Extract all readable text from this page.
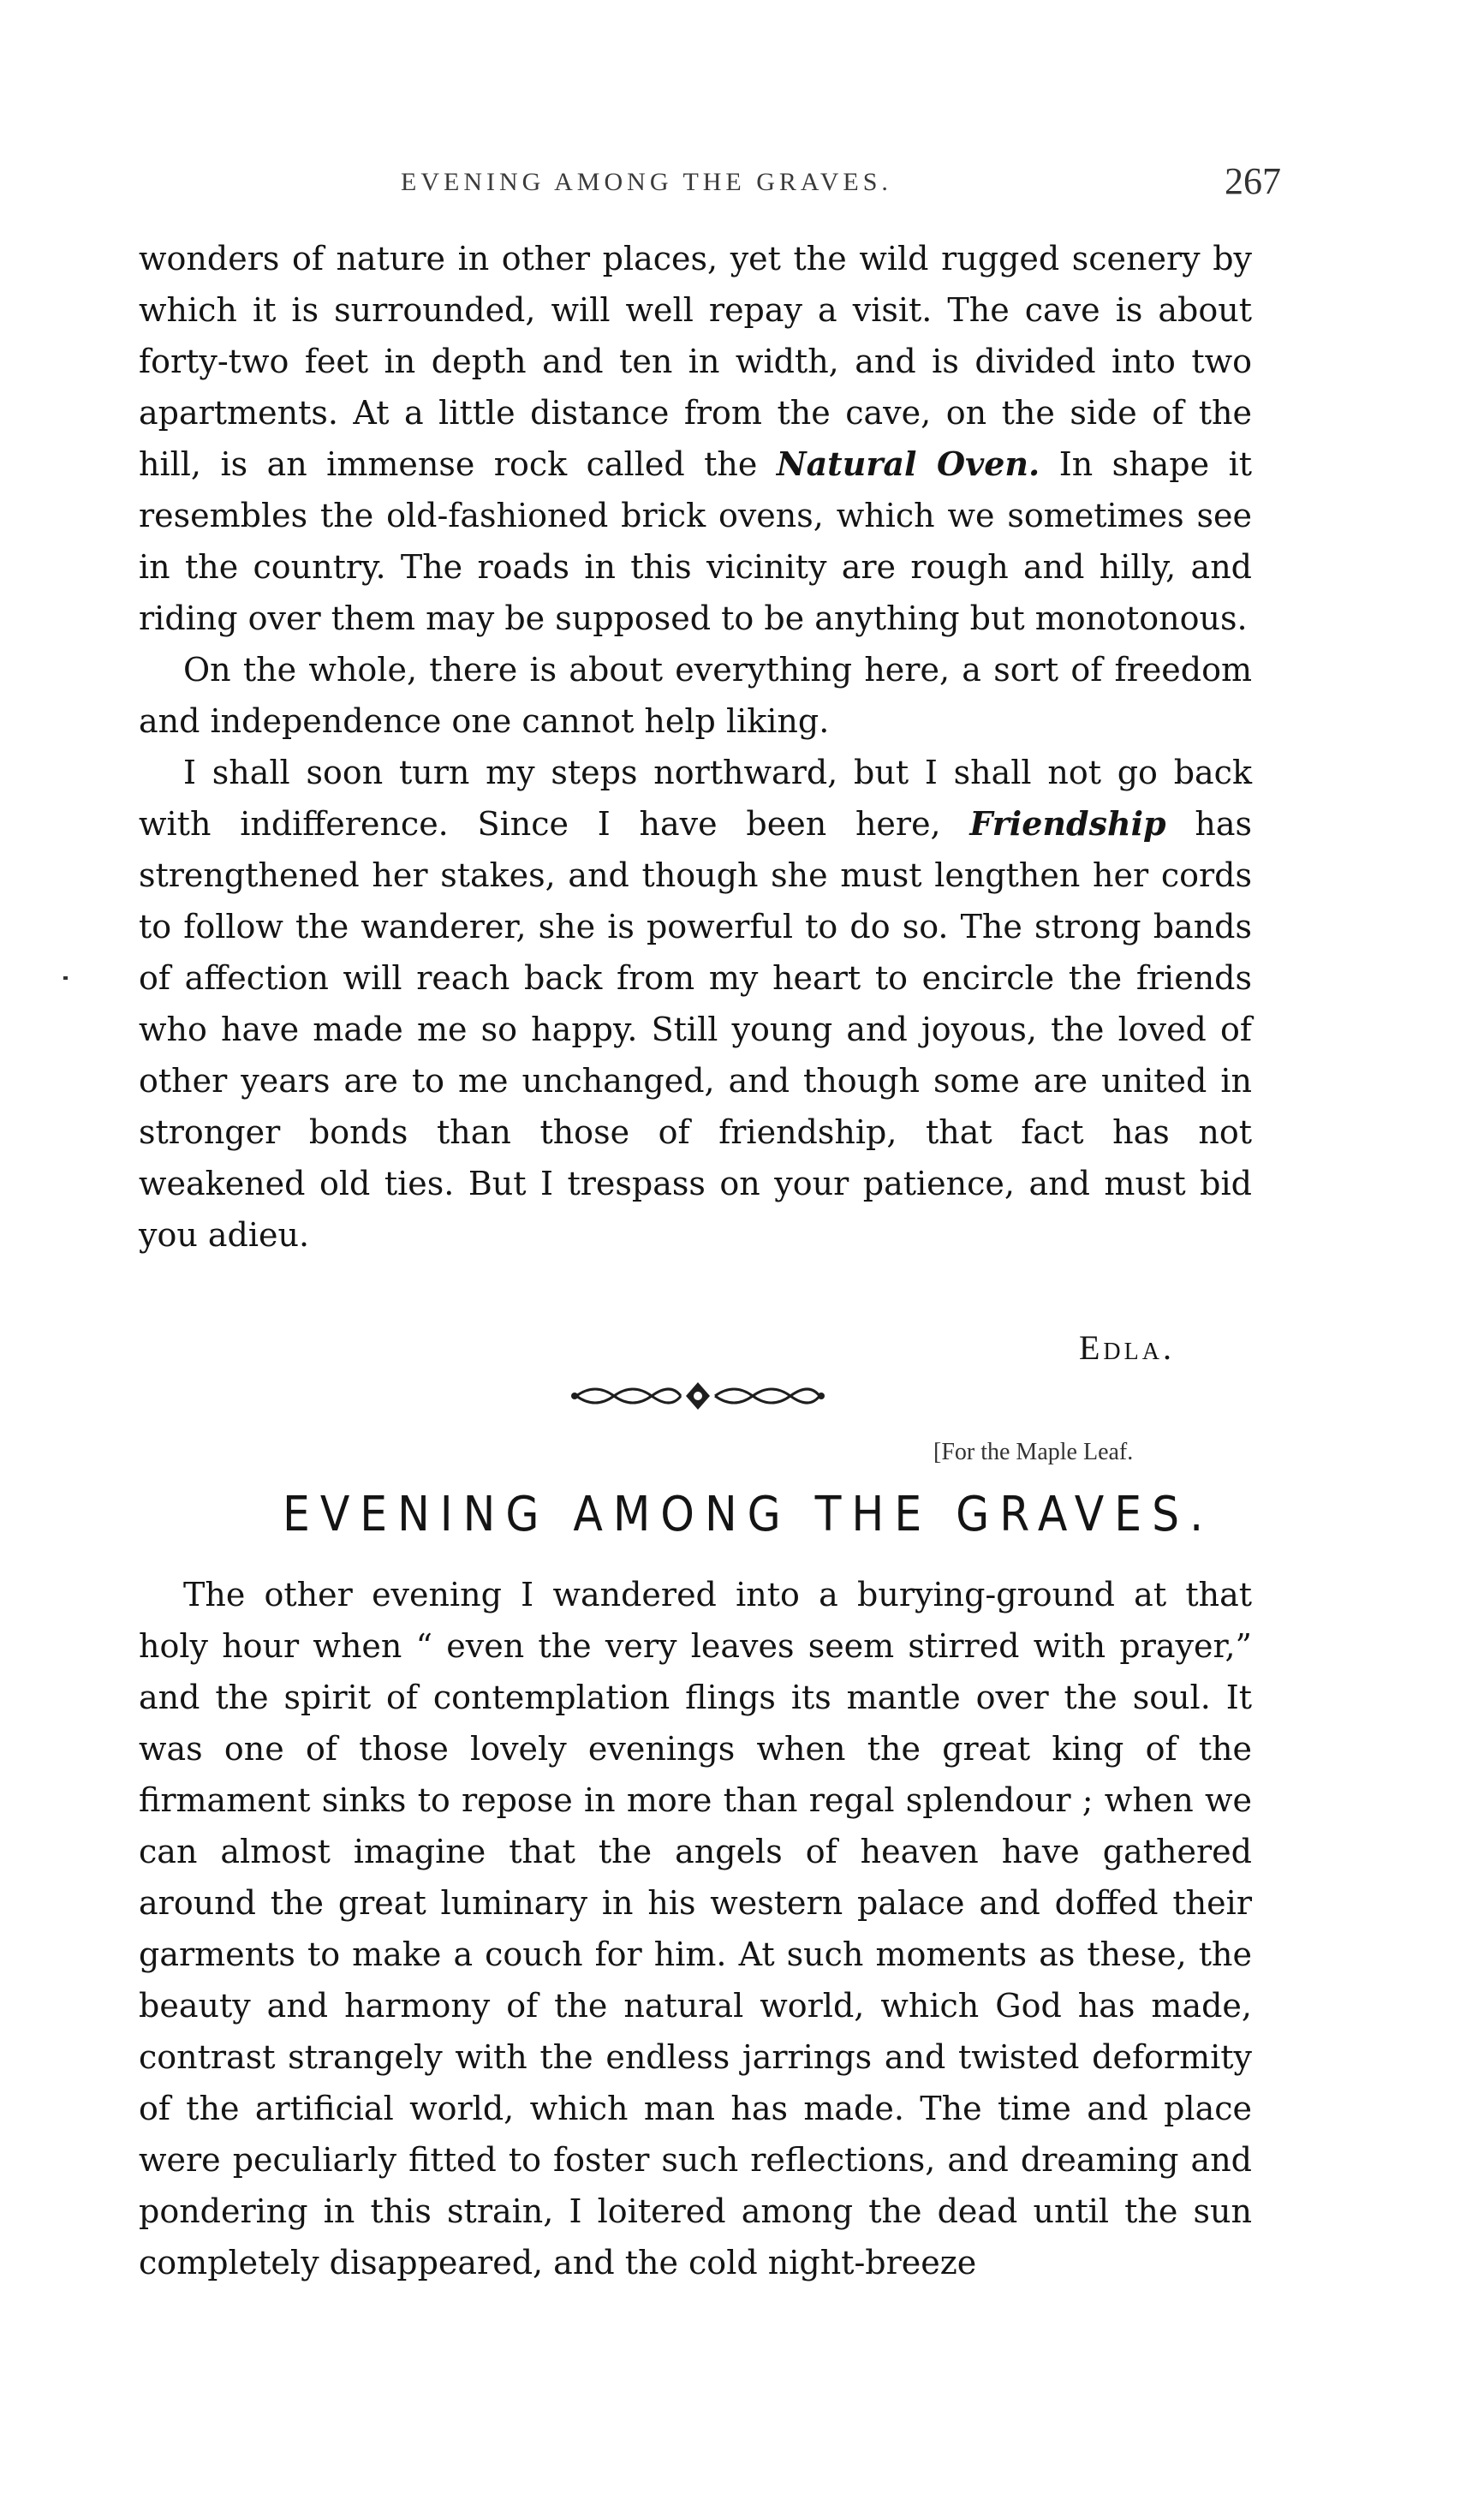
EVENING AMONG THE GRAVES.	267

wonders of nature in other places, yet the wild rugged scenery by which it is surrounded, will well repay a visit. The cave is about forty-two feet in depth and ten in width, and is divided into two apartments. At a little distance from the cave, on the side of the hill, is an immense rock called the Natural Oven. In shape it resembles the old-fashioned brick ovens, which we sometimes see in the country. The roads in this vicinity are rough and hilly, and riding over them may be supposed to be anything but monotonous.

On the whole, there is about everything here, a sort of freedom and independence one cannot help liking.

I shall soon turn my steps northward, but I shall not go back with indifference. Since I have been here, Friendship has strengthened her stakes, and though she must lengthen her cords to follow the wanderer, she is powerful to do so. The strong bands of affection will reach back from my heart to encircle the friends who have made me so happy. Still young and joyous, the loved of other years are to me unchanged, and though some are united in stronger bonds than those of friendship, that fact has not weakened old ties. But I trespass on your patience, and must bid you adieu.

Edla.
[For the Maple Leaf.
EVENING AMONG THE GRAVES.

The other evening I wandered into a burying-ground at that holy hour when “ even the very leaves seem stirred with prayer,” and the spirit of contemplation flings its mantle over the soul. It was one of those lovely evenings when the great king of the firmament sinks to repose in more than regal splendour ; when we can almost imagine that the angels of heaven have gathered around the great luminary in his western palace and doffed their garments to make a couch for him. At such moments as these, the beauty and harmony of the natural world, which God has made, contrast strangely with the endless jarrings and twisted deformity of the artificial world, which man has made. The time and place were peculiarly fitted to foster such reflections, and dreaming and pondering in this strain, I loitered among the dead until the sun completely disappeared, and the cold night-breeze
